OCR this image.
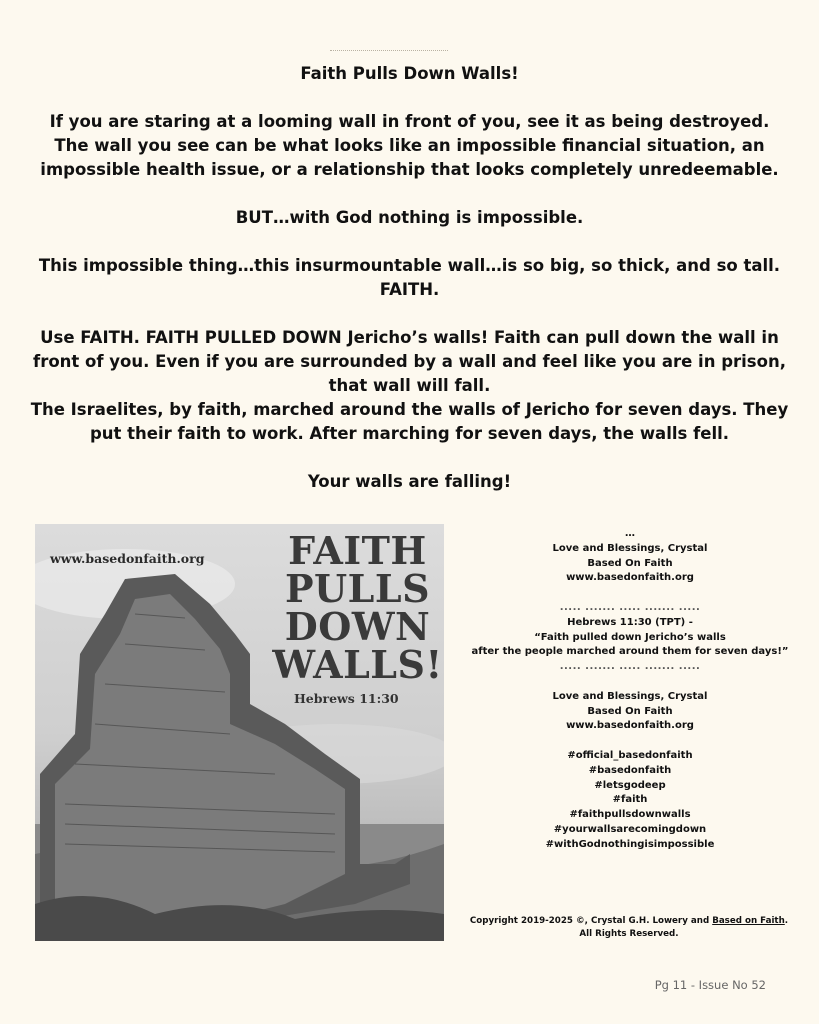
Faith Pulls Down Walls!

If you are staring at a looming wall in front of you, see it as being destroyed. The wall you see can be what looks like an impossible financial situation, an impossible health issue, or a relationship that looks completely unredeemable.

BUT…with God nothing is impossible.

This impossible thing…this insurmountable wall…is so big, so thick, and so tall.

FAITH.

Use FAITH. FAITH PULLED DOWN Jericho’s walls! Faith can pull down the wall in front of you. Even if you are surrounded by a wall and feel like you are in prison, that wall will fall.

The Israelites, by faith, marched around the walls of Jericho for seven days. They put their faith to work. After marching for seven days, the walls fell.

Your walls are falling!

www.basedonfaith.org	FAITH
PULLS
DOWN
WALLS!
Hebrews 11:30

…

Love and Blessings, Crystal

Based On Faith

www.basedonfaith.org

..... ....... ..... ....... .....

Hebrews 11:30 (TPT) -

“Faith pulled down Jericho’s walls

after the people marched around them for seven days!”

..... ....... ..... ....... .....

Love and Blessings, Crystal

Based On Faith

www.basedonfaith.org

#official_basedonfaith

#basedonfaith

#letsgodeep

#faith

#faithpullsdownwalls

#yourwallsarecomingdown

#withGodnothingisimpossible

Copyright 2019-2025 ©, Crystal G.H. Lowery and Based on Faith.
All Rights Reserved.
Pg 11 - Issue No 52
